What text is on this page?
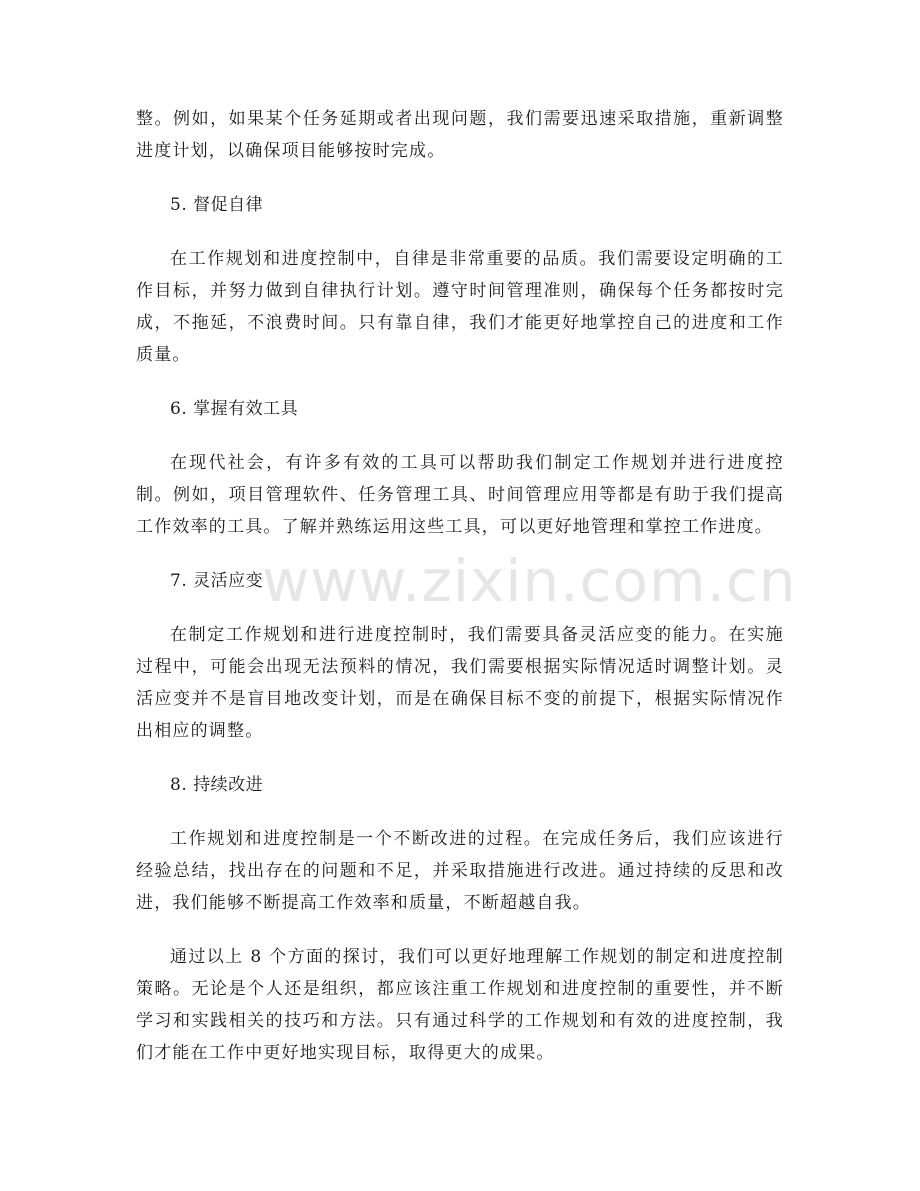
整。例如，如果某个任务延期或者出现问题，我们需要迅速采取措施，重新调整进度计划，以确保项目能够按时完成。

5. 督促自律

在工作规划和进度控制中，自律是非常重要的品质。我们需要设定明确的工作目标，并努力做到自律执行计划。遵守时间管理准则，确保每个任务都按时完成，不拖延，不浪费时间。只有靠自律，我们才能更好地掌控自己的进度和工作质量。

6. 掌握有效工具

在现代社会，有许多有效的工具可以帮助我们制定工作规划并进行进度控制。例如，项目管理软件、任务管理工具、时间管理应用等都是有助于我们提高工作效率的工具。了解并熟练运用这些工具，可以更好地管理和掌控工作进度。

7. 灵活应变

在制定工作规划和进行进度控制时，我们需要具备灵活应变的能力。在实施过程中，可能会出现无法预料的情况，我们需要根据实际情况适时调整计划。灵活应变并不是盲目地改变计划，而是在确保目标不变的前提下，根据实际情况作出相应的调整。

8. 持续改进

工作规划和进度控制是一个不断改进的过程。在完成任务后，我们应该进行经验总结，找出存在的问题和不足，并采取措施进行改进。通过持续的反思和改进，我们能够不断提高工作效率和质量，不断超越自我。

通过以上 8 个方面的探讨，我们可以更好地理解工作规划的制定和进度控制策略。无论是个人还是组织，都应该注重工作规划和进度控制的重要性，并不断学习和实践相关的技巧和方法。只有通过科学的工作规划和有效的进度控制，我们才能在工作中更好地实现目标，取得更大的成果。

www.zixin.com.cn
